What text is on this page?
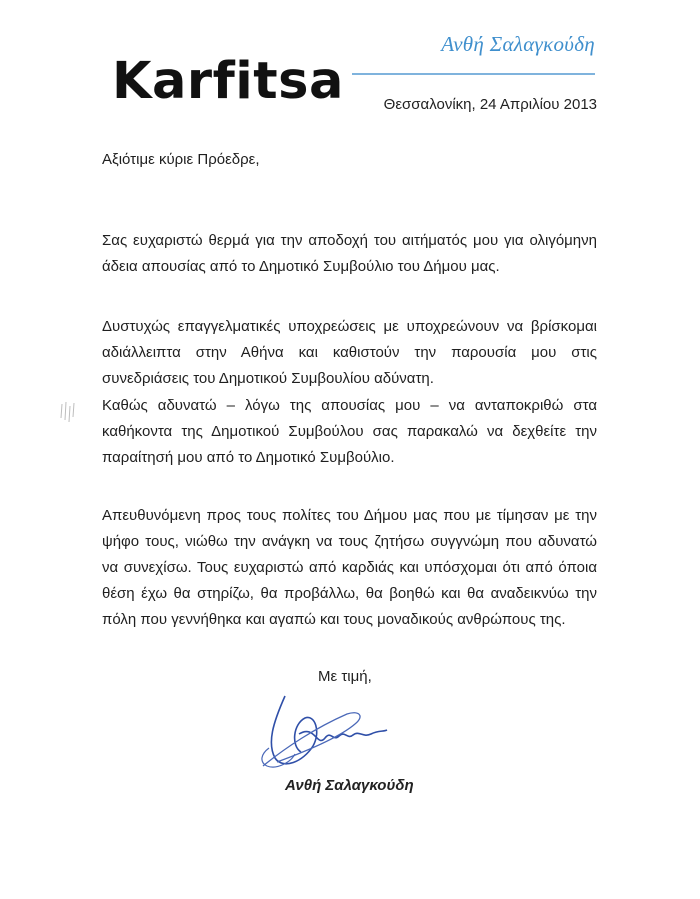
Ανθή Σαλαγκούδη
Karfitsa	Θεσσαλονίκη, 24 Απριλίου 2013
Αξιότιμε κύριε Πρόεδρε,
Σας ευχαριστώ θερμά για την αποδοχή του αιτήματός μου για ολιγόμηνη άδεια απουσίας από το Δημοτικό Συμβούλιο του Δήμου μας.
Δυστυχώς επαγγελματικές υποχρεώσεις με υποχρεώνουν να βρίσκομαι αδιάλλειπτα στην Αθήνα και καθιστούν την παρουσία μου στις συνεδριάσεις του Δημοτικού Συμβουλίου αδύνατη.
Καθώς αδυνατώ – λόγω της απουσίας μου – να ανταποκριθώ στα καθήκοντα της Δημοτικού Συμβούλου σας παρακαλώ να δεχθείτε την παραίτησή μου από το Δημοτικό Συμβούλιο.
Απευθυνόμενη προς τους πολίτες του Δήμου μας που με τίμησαν με την ψήφο τους, νιώθω την ανάγκη να τους ζητήσω συγγνώμη που αδυνατώ να συνεχίσω. Τους ευχαριστώ από καρδιάς και υπόσχομαι ότι από όποια θέση έχω θα στηρίζω, θα προβάλλω, θα βοηθώ και θα αναδεικνύω την πόλη που γεννήθηκα και αγαπώ και τους μοναδικούς ανθρώπους της.
Με τιμή,
Ανθή Σαλαγκούδη
